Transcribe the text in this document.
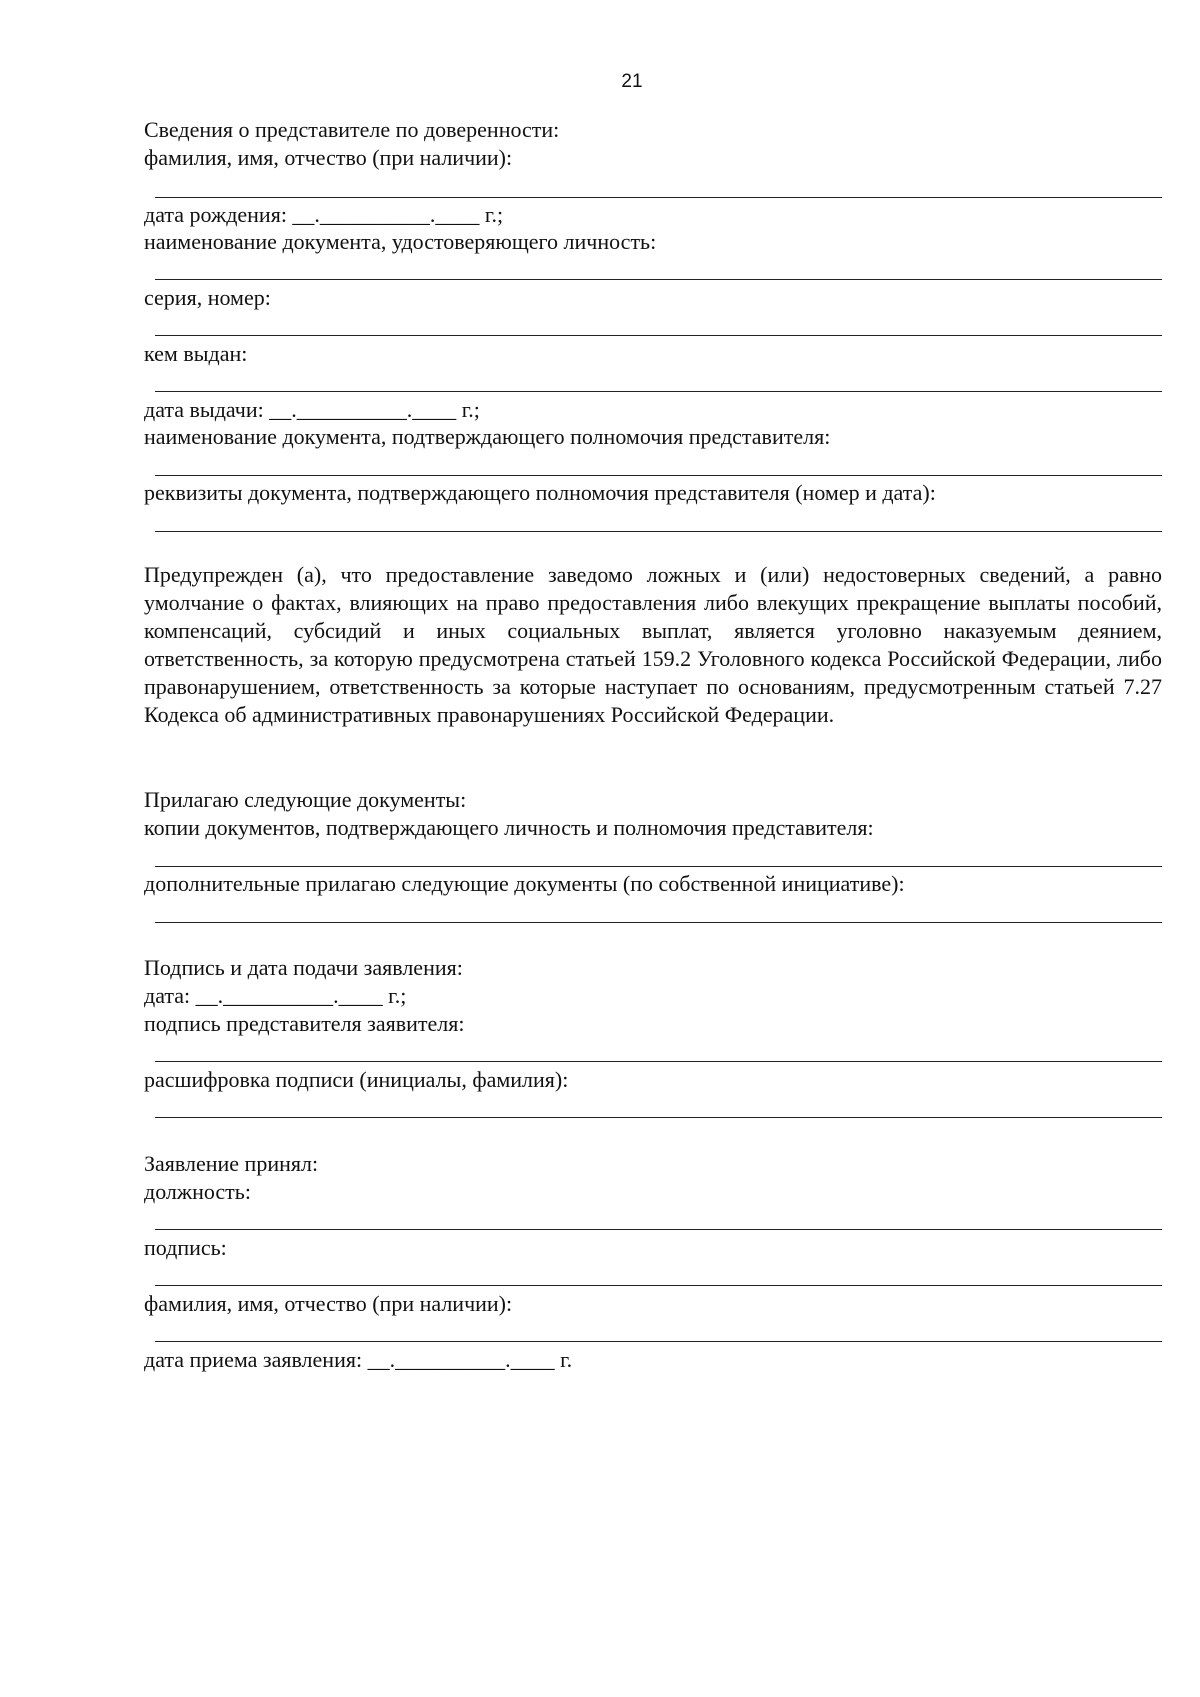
21
Сведения о представителе по доверенности:
фамилия, имя, отчество (при наличии):
дата рождения: __.__________.____ г.;
наименование документа, удостоверяющего личность:
серия, номер:
кем выдан:
дата выдачи: __.__________.____ г.;
наименование документа, подтверждающего полномочия представителя:
реквизиты документа, подтверждающего полномочия представителя (номер и дата):

Предупрежден (а), что предоставление заведомо ложных и (или) недостоверных сведений, а равно умолчание о фактах, влияющих на право предоставления либо влекущих прекращение выплаты пособий, компенсаций, субсидий и иных социальных выплат, является уголовно наказуемым деянием, ответственность, за которую предусмотрена статьей 159.2 Уголовного кодекса Российской Федерации, либо правонарушением, ответственность за которые наступает по основаниям, предусмотренным статьей 7.27 Кодекса об административных правонарушениях Российской Федерации.

Прилагаю следующие документы:
копии документов, подтверждающего личность и полномочия представителя:
дополнительные прилагаю следующие документы (по собственной инициативе):
Подпись и дата подачи заявления:
дата: __.__________.____ г.;
подпись представителя заявителя:
расшифровка подписи (инициалы, фамилия):
Заявление принял:
должность:
подпись:
фамилия, имя, отчество (при наличии):
дата приема заявления: __.__________.____ г.
